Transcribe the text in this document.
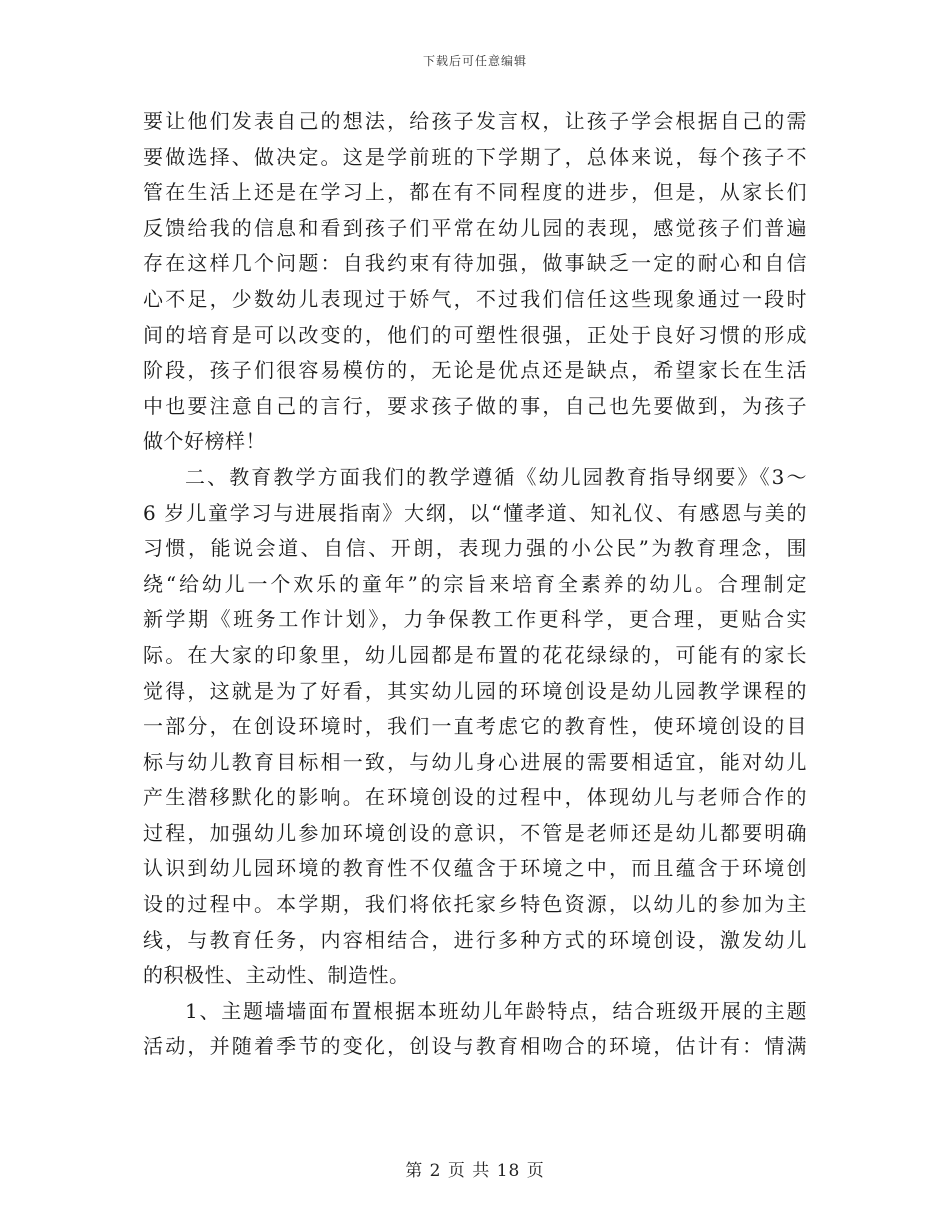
下载后可任意编辑
要让他们发表自己的想法，给孩子发言权，让孩子学会根据自己的需
要做选择、做决定。这是学前班的下学期了，总体来说，每个孩子不
管在生活上还是在学习上，都在有不同程度的进步，但是，从家长们
反馈给我的信息和看到孩子们平常在幼儿园的表现，感觉孩子们普遍
存在这样几个问题：自我约束有待加强，做事缺乏一定的耐心和自信
心不足，少数幼儿表现过于娇气，不过我们信任这些现象通过一段时
间的培育是可以改变的，他们的可塑性很强，正处于良好习惯的形成
阶段，孩子们很容易模仿的，无论是优点还是缺点，希望家长在生活
中也要注意自己的言行，要求孩子做的事，自己也先要做到，为孩子
做个好榜样！
二、教育教学方面我们的教学遵循《幼儿园教育指导纲要》《3～
6 岁儿童学习与进展指南》大纲，以“懂孝道、知礼仪、有感恩与美的
习惯，能说会道、自信、开朗，表现力强的小公民”为教育理念，围
绕“给幼儿一个欢乐的童年”的宗旨来培育全素养的幼儿。合理制定
新学期《班务工作计划》，力争保教工作更科学，更合理，更贴合实
际。在大家的印象里，幼儿园都是布置的花花绿绿的，可能有的家长
觉得，这就是为了好看，其实幼儿园的环境创设是幼儿园教学课程的
一部分，在创设环境时，我们一直考虑它的教育性，使环境创设的目
标与幼儿教育目标相一致，与幼儿身心进展的需要相适宜，能对幼儿
产生潜移默化的影响。在环境创设的过程中，体现幼儿与老师合作的
过程，加强幼儿参加环境创设的意识，不管是老师还是幼儿都要明确
认识到幼儿园环境的教育性不仅蕴含于环境之中，而且蕴含于环境创
设的过程中。本学期，我们将依托家乡特色资源，以幼儿的参加为主
线，与教育任务，内容相结合，进行多种方式的环境创设，激发幼儿
的积极性、主动性、制造性。
1、主题墙墙面布置根据本班幼儿年龄特点，结合班级开展的主题
活动，并随着季节的变化，创设与教育相吻合的环境，估计有：情满
第 2 页 共 18 页
